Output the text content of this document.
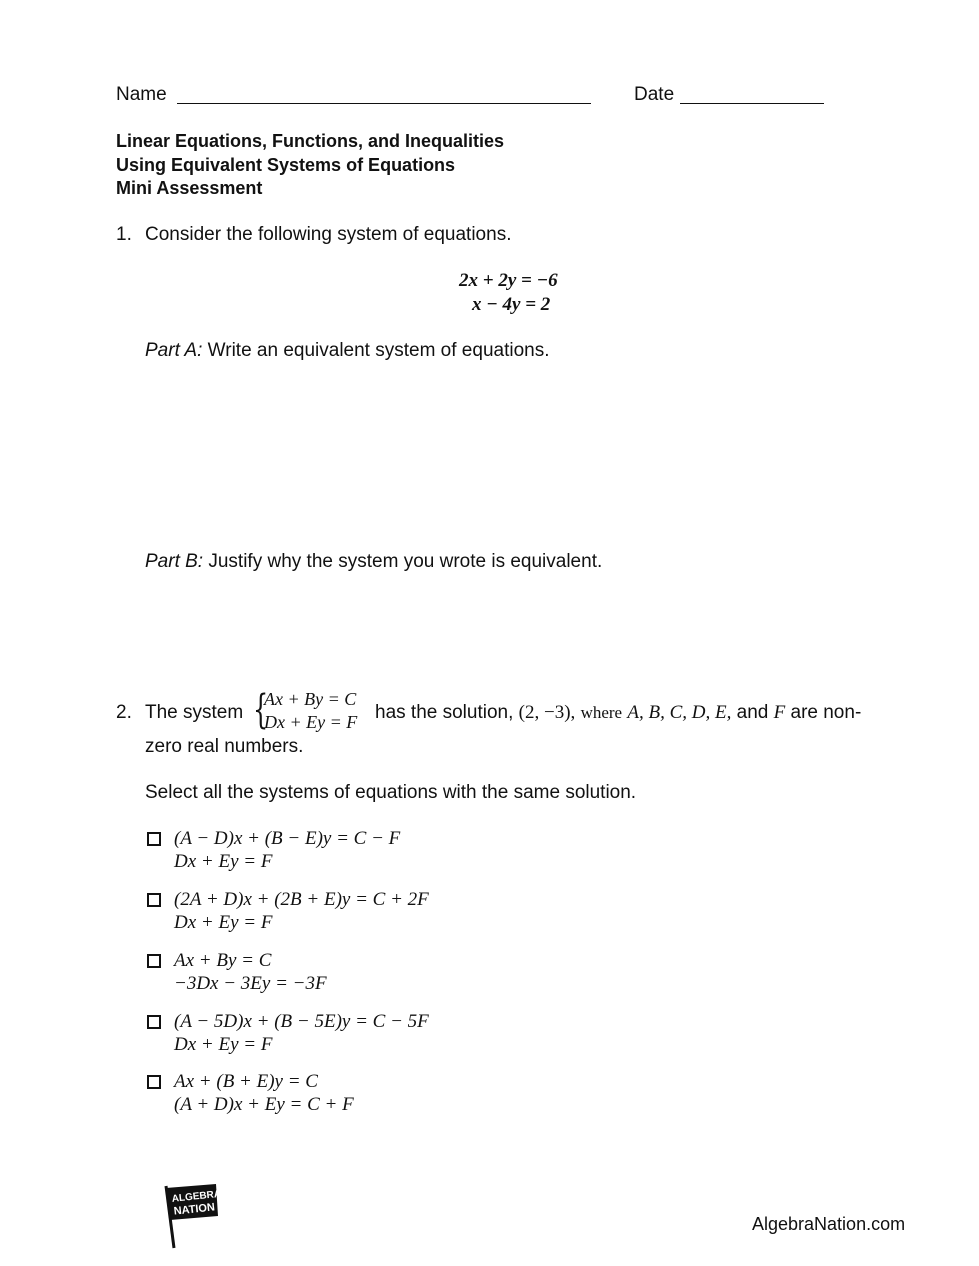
Name	Date
Linear Equations, Functions, and Inequalities
Using Equivalent Systems of Equations
Mini Assessment
1. Consider the following system of equations.
2x + 2y = −6
x − 4y = 2
Part A: Write an equivalent system of equations.
Part B: Justify why the system you wrote is equivalent.
2. The system {
Ax + By = C
Dx + Ey = F has the solution, (2, −3), where A, B, C, D, E, and F are non-
zero real numbers.
Select all the systems of equations with the same solution.
(A − D)x + (B − E)y = C − F
Dx + Ey = F
(2A + D)x + (2B + E)y = C + 2F
Dx + Ey = F
Ax + By = C
−3Dx − 3Ey = −3F
(A − 5D)x + (B − 5E)y = C − 5F
Dx + Ey = F
Ax + (B + E)y = C
(A + D)x + Ey = C + F
ALGEBRA
NATION
AlgebraNation.com
